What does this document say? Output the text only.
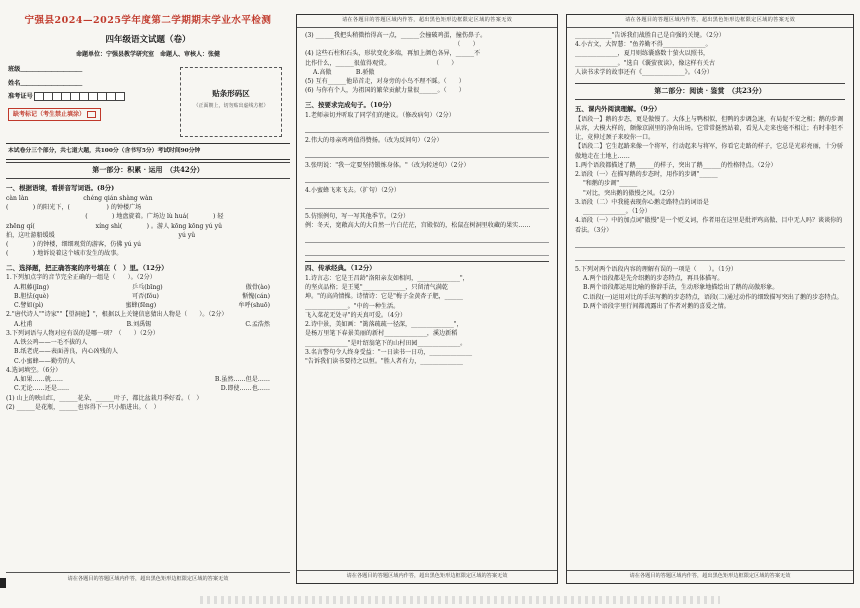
宁强县2024—2025学年度第二学期期末学业水平检测
四年级语文试题（卷）
命题单位：宁强县教学研究室　命题人、审核人：张健
班级＿＿＿＿＿＿＿＿＿＿
姓名＿＿＿＿＿＿＿＿＿＿
准考证号
缺考标记（考生禁止填涂）
贴条形码区
（正面朝上，切勿贴出虚线方框）
本试卷分三个部分，共七道大题，共100分（含书写5分）考试时间90分钟
第一部分：积累 · 运用　（共42分）
一、根据语境，看拼音写词语。(8分)
càn làn　　　　　　　　　chéng qián shàng wàn
(　　　　) 的阳光下，(　　　　　　) 的钟楼广场
　　　　　　　　　　　　　(　　　　) 地盘旋着。广场边 lù huá(　　　　) 轻
zhēng qí(　　　　　　　　　　xíng shì(　　　　) 。游人 kōng kōng yú yǔ
拍，这吐游船缓缓　　　　　　　　　　　　　　　　　　　　 yú yǔ
(　　　　) 的钟楼，细细观赏的游客，仿佛 yú yú
(　　　　) 地诉说着这个城市发生的故事。
二、选择题，把正确答案的序号填在（　）里。（12分）
1.下列加点字的音节完全正确的一组是（　　）。（2分）
A.粗藤(jīng)	乒乓(bīng)	傲骨(ào)
B.胆怯(què)	可否(fǒu)	惭愧(cán)
C.譬如(pì)	蜜蜂(fēng)	牟呼(shuō)
2."唐代诗人""诗家""【望洞庭】"，根据以上关键信息猜出人物是（　　）。（2分）
A.杜甫	B.刘禹锡	C.孟浩然
3.下列词语与人物对应有误的是哪一项？（　　）（2分）
A.铁公鸡——一毛不拔的人
B.纸老虎——表面善良，内心凶残的人
C.小蜜蜂——勤劳的人
4.选词填空。（6分）
A.如果……就……	B.虽然……但是……
C.无论……还是……	D.即使……也……
(1) 山上的映山红，______花朵，______叶子，都比盆栽月季好看。（　）
(2) ______是花瓶，______也容得下一只小船进出。（　）
请在各题目的答题区域内作答，超出黑色矩形边框限定区域的答案无效
(3) ______我把头稍微抬得高一点，______会撞破鸡蛋，撞伤鼻子。
　　　　　　　　　　　　　　　　　　　　　　　　　（　　）
(4) 这些石柱和石头，形状变化多端，再加上颜色各异，______不
比作什么，______很值得观赏。　　　　　　　　（　　）
A.高傲　　　　B.骄傲
(5) 互有______他昂首走，对身旁的小鸟不理不睬。（　　）
(6) 与你有个人，为祖国的繁荣贡献力量很______。（　　）
三、按要求完成句子。（10分）
1.老师亲切并听取了同学们的建议。（修改病句）（2分）
2.伟大的母亲鸡鸡值得赞扬。（改为反问句）（2分）
3.张明说："我一定要坚持锻炼身体。"（改为转述句）（2分）
4.小蜜蜂飞来飞去。（扩句）（2分）
5.仿照例句，写一写其他季节。（2分）
例：冬天，宽敞高大的大自然一片白茫茫，宫殿似的，松鼠在树洞里收藏的果实……
四、传承经典。（12分）
1.诗言志：它是王昌龄"洛阳亲友如相问，______________"，
的坚贞品格；是王冕"______________，只留清气满乾
坤。"的高尚情操。诗情诗：它是"梅子金黄杏子肥，______
______________。"中的一种生活。
飞入菜花无处寻"的天真可爱。（4分）
2.诗中景，美如画："篱落疏疏一径深，______________"，
是杨万里笔下春景美丽的新村______________，溪边新稻
______________"是叶绍翁笔下的山村田园______________。
3.名言警句令人终身受益："一日读书一日功，______________
"告诉我们读书要持之以恒。"胜人者有力，______________
请在各题目的答题区域内作答，超出黑色矩形边框限定区域的答案无效
请在各题目的答题区域内作答，超出黑色矩形边框限定区域的答案无效
____________"告诉我们战胜自己是自强的关键。（2分）
4.小古文，大智慧："鱼养勤不得______________。
______________，夏月则练囊盛数十萤火以照书，
______________。"选自《囊萤夜读》，像这样有关古
人读书求学的故事还有《______________》。（4分）
第二部分：阅读 · 鉴赏　（共23分）
五、课内外阅读理解。（9分）
【语段一】鹅的步态，更是傲慢了。大体上与鸭相似，但鸭的步调急速，有局促不安之相；鹅的步调从容，大模大样的，颇像京剧里的净角出场。它常常挺然站着，看见人走来也毫不相让；有时非但不让，竟伸过颈子来咬你一口。
【语段二】它生起路来像一个将军，行动起来与将军，你看它走路的样子，它总是光彩亮丽，十分骄傲地走在土地上……
1.两个语段都描述了鹅______的样子，突出了鹅______的性格特点。（2分）
2.语段（一）在描写鹅的步态时，用作的步调"______
"和鹅的步调"______
"对比，突出鹅的傲慢之风。（2分）
3.语段（二）中我能表现你心鹅走路特点的词语是
______________。（1分）
4.语段（一）中的加点词"傲慢"是一个贬义词，作者用在这里是批评鸡高傲、目中无人吗？谈谈你的看法。（3分）
5.下列对两个语段内容的理解有误的一项是（　　）。（1分）
A.两个语段都是先介绍鹅的步态特点，再具体描写。
B.两个语段都运用比喻的修辞手法，生动形象地描绘出了鹅的高傲形象。
C.语段(一)运用对比的手法写鹅的步态特点，语段(二)通过动作的细致描写突出了鹅的步态特点。
D.两个语段字里行间都流露出了作者对鹅的喜爱之情。
请在各题目的答题区域内作答，超出黑色矩形边框限定区域的答案无效
请在各题目的答题区域内作答，超出黑色矩形边框限定区域的答案无效
